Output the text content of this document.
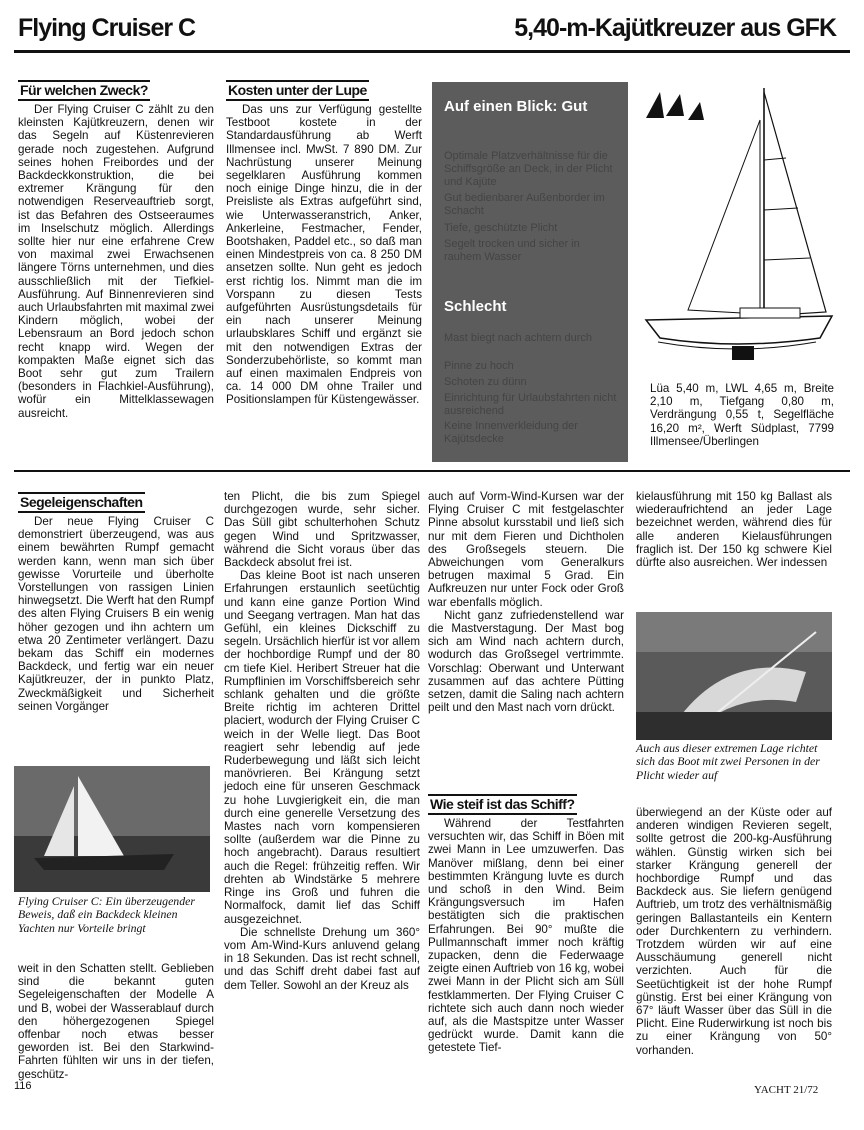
Flying Cruiser C	5,40-m-Kajütkreuzer aus GFK
Für welchen Zweck?

Der Flying Cruiser C zählt zu den kleinsten Kajütkreuzern, denen wir das Segeln auf Küstenrevieren gerade noch zugestehen. Aufgrund seines hohen Freibordes und der Backdeckkonstruktion, die bei extremer Krängung für den notwendigen Reserveauftrieb sorgt, ist das Befahren des Ostseeraumes im Inselschutz möglich. Allerdings sollte hier nur eine erfahrene Crew von maximal zwei Erwachsenen längere Törns unternehmen, und dies ausschließlich mit der Tiefkiel-Ausführung. Auf Binnenrevieren sind auch Urlaubsfahrten mit maximal zwei Kindern möglich, wobei der Lebensraum an Bord jedoch schon recht knapp wird. Wegen der kompakten Maße eignet sich das Boot sehr gut zum Trailern (besonders in Flachkiel-Ausführung), wofür ein Mittelklassewagen ausreicht.

Kosten unter der Lupe

Das uns zur Verfügung gestellte Testboot kostete in der Standardausführung ab Werft Illmensee incl. MwSt. 7 890 DM. Zur Nachrüstung unserer Meinung segelklaren Ausführung kommen noch einige Dinge hinzu, die in der Preisliste als Extras aufgeführt sind, wie Unterwasseranstrich, Anker, Ankerleine, Festmacher, Fender, Bootshaken, Paddel etc., so daß man einen Mindestpreis von ca. 8 250 DM ansetzen sollte. Nun geht es jedoch erst richtig los. Nimmt man die im Vorspann zu diesen Tests aufgeführten Ausrüstungsdetails für ein nach unserer Meinung urlaubsklares Schiff und ergänzt sie mit den notwendigen Extras der Sonderzubehörliste, so kommt man auf einen maximalen Endpreis von ca. 14 000 DM ohne Trailer und Positionslampen für Küstengewässer.

Auf einen Blick: Gut
Optimale Platzverhältnisse für die Schiffsgröße an Deck, in der Plicht und Kajüte
Gut bedienbarer Außenborder im Schacht
Tiefe, geschützte Plicht
Segelt trocken und sicher in rauhem Wasser
Schlecht
Mast biegt nach achtern durch
Pinne zu hoch
Schoten zu dünn
Einrichtung für Urlaubsfahrten nicht ausreichend
Keine Innenverkleidung der Kajütsdecke
Lüa 5,40 m, LWL 4,65 m, Breite 2,10 m, Tiefgang 0,80 m, Verdrängung 0,55 t, Segelfläche 16,20 m², Werft Südplast, 7799 Illmensee/Überlingen
Segeleigenschaften

Der neue Flying Cruiser C demonstriert überzeugend, was aus einem bewährten Rumpf gemacht werden kann, wenn man sich über gewisse Vorurteile und überholte Vorstellungen von rassigen Linien hinwegsetzt. Die Werft hat den Rumpf des alten Flying Cruisers B ein wenig höher gezogen und ihn achtern um etwa 20 Zentimeter verlängert. Dazu bekam das Schiff ein modernes Backdeck, und fertig war ein neuer Kajütkreuzer, der in punkto Platz, Zweckmäßigkeit und Sicherheit seinen Vorgänger

Flying Cruiser C: Ein überzeugender Beweis, daß ein Backdeck kleinen Yachten nur Vorteile bringt

weit in den Schatten stellt. Geblieben sind die bekannt guten Segeleigenschaften der Modelle A und B, wobei der Wasserablauf durch den höhergezogenen Spiegel offenbar noch etwas besser geworden ist. Bei den Starkwind-Fahrten fühlten wir uns in der tiefen, geschütz-

ten Plicht, die bis zum Spiegel durchgezogen wurde, sehr sicher. Das Süll gibt schulterhohen Schutz gegen Wind und Spritzwasser, während die Sicht voraus über das Backdeck absolut frei ist.

Das kleine Boot ist nach unseren Erfahrungen erstaunlich seetüchtig und kann eine ganze Portion Wind und Seegang vertragen. Man hat das Gefühl, ein kleines Dickschiff zu segeln. Ursächlich hierfür ist vor allem der hochbordige Rumpf und der 80 cm tiefe Kiel. Heribert Streuer hat die Rumpflinien im Vorschiffsbereich sehr schlank gehalten und die größte Breite richtig im achteren Drittel placiert, wodurch der Flying Cruiser C weich in der Welle liegt. Das Boot reagiert sehr lebendig auf jede Ruderbewegung und läßt sich leicht manövrieren. Bei Krängung setzt jedoch eine für unseren Geschmack zu hohe Luvgierigkeit ein, die man durch eine generelle Versetzung des Mastes nach vorn kompensieren sollte (außerdem war die Pinne zu hoch angebracht). Daraus resultiert auch die Regel: frühzeitig reffen. Wir drehten ab Windstärke 5 mehrere Ringe ins Groß und fuhren die Normalfock, damit lief das Schiff ausgezeichnet.

Die schnellste Drehung um 360° vom Am-Wind-Kurs anluvend gelang in 18 Sekunden. Das ist recht schnell, und das Schiff dreht dabei fast auf dem Teller. Sowohl an der Kreuz als

auch auf Vorm-Wind-Kursen war der Flying Cruiser C mit festgelaschter Pinne absolut kursstabil und ließ sich nur mit dem Fieren und Dichtholen des Großsegels steuern. Die Abweichungen vom Generalkurs betrugen maximal 5 Grad. Ein Aufkreuzen nur unter Fock oder Groß war ebenfalls möglich.

Nicht ganz zufriedenstellend war die Mastverstagung. Der Mast bog sich am Wind nach achtern durch, wodurch das Großsegel vertrimmte. Vorschlag: Oberwant und Unterwant zusammen auf das achtere Pütting setzen, damit die Saling nach achtern peilt und den Mast nach vorn drückt.

Wie steif ist das Schiff?

Während der Testfahrten versuchten wir, das Schiff in Böen mit zwei Mann in Lee umzuwerfen. Das Manöver mißlang, denn bei einer bestimmten Krängung luvte es durch und schoß in den Wind. Beim Krängungsversuch im Hafen bestätigten sich die praktischen Erfahrungen. Bei 90° mußte die Pullmannschaft immer noch kräftig zupacken, denn die Federwaage zeigte einen Auftrieb von 16 kg, wobei zwei Mann in der Plicht sich am Süll festklammerten. Der Flying Cruiser C richtete sich auch dann noch wieder auf, als die Mastspitze unter Wasser gedrückt wurde. Damit kann die getestete Tief-

kielausführung mit 150 kg Ballast als wiederaufrichtend an jeder Lage bezeichnet werden, während dies für alle anderen Kielausführungen fraglich ist. Der 150 kg schwere Kiel dürfte also ausreichen. Wer indessen

Auch aus dieser extremen Lage richtet sich das Boot mit zwei Personen in der Plicht wieder auf

überwiegend an der Küste oder auf anderen windigen Revieren segelt, sollte getrost die 200-kg-Ausführung wählen. Günstig wirken sich bei starker Krängung generell der hochbordige Rumpf und das Backdeck aus. Sie liefern genügend Auftrieb, um trotz des verhältnismäßig geringen Ballastanteils ein Kentern oder Durchkentern zu verhindern. Trotzdem würden wir auf eine Ausschäumung generell nicht verzichten. Auch für die Seetüchtigkeit ist der hohe Rumpf günstig. Erst bei einer Krängung von 67° läuft Wasser über das Süll in die Plicht. Eine Ruderwirkung ist noch bis zu einer Krängung von 50° vorhanden.

116	YACHT 21/72
